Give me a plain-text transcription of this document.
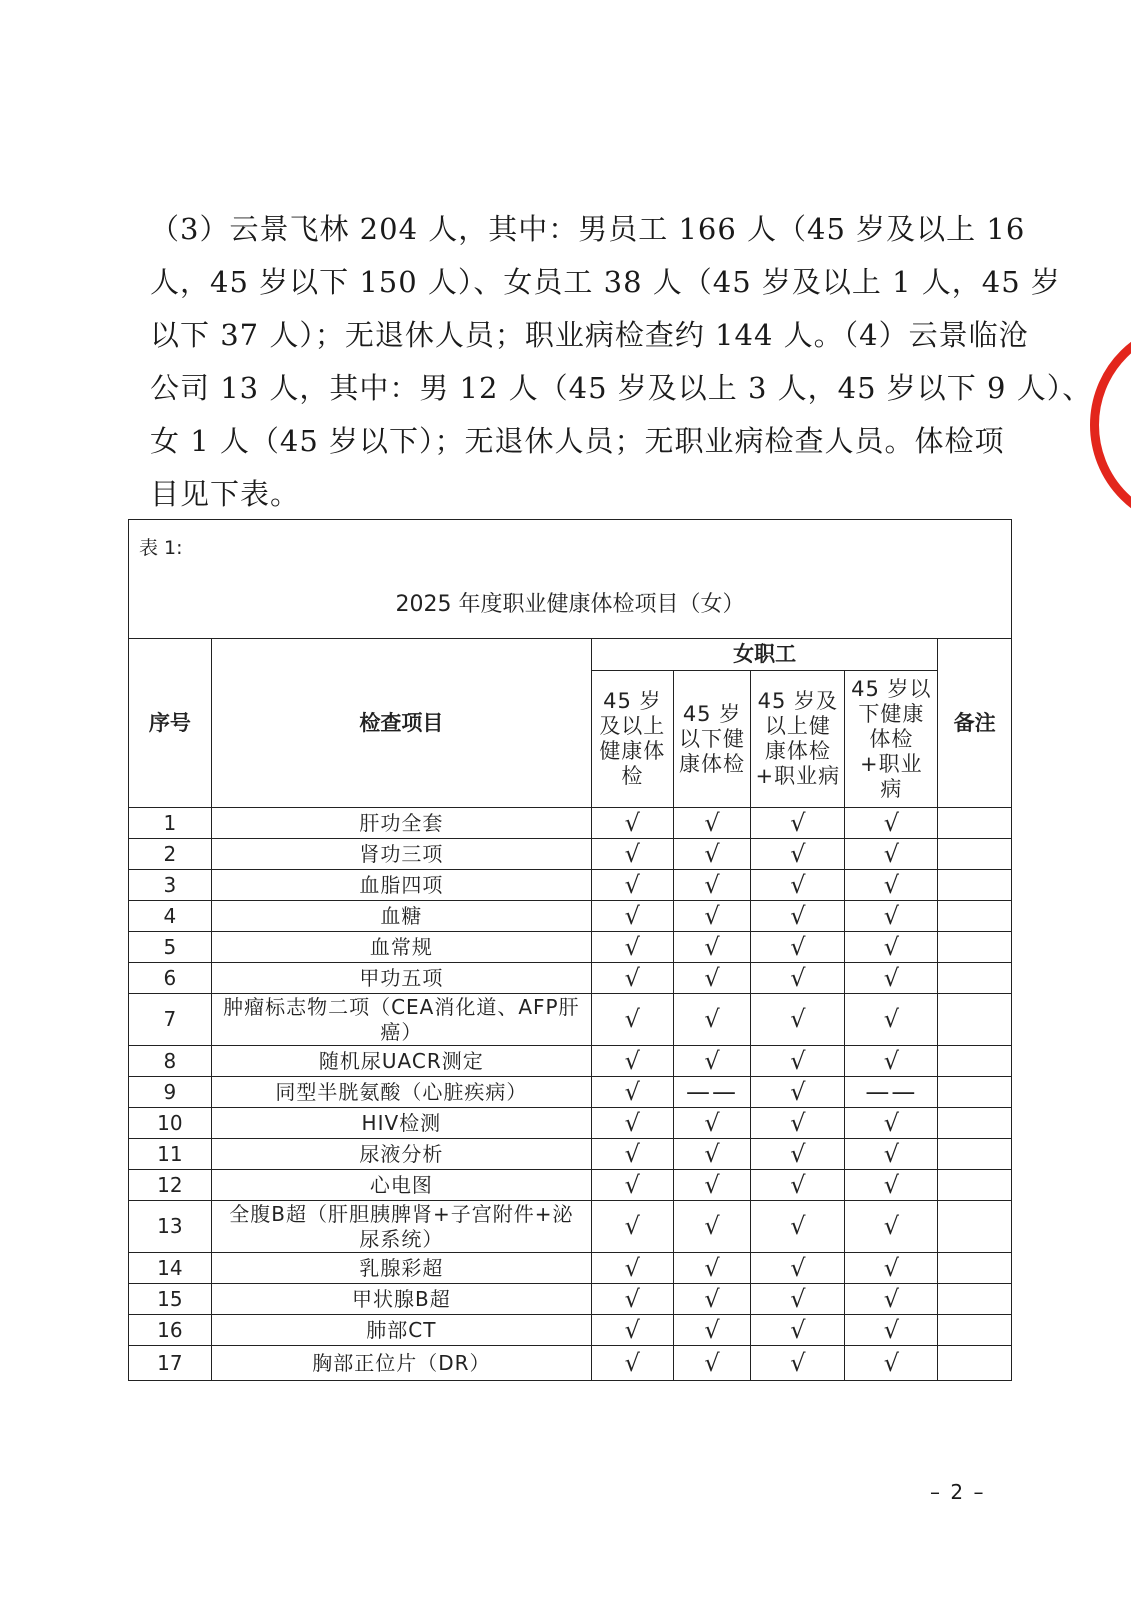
（3）云景飞林 204 人，其中：男员工 166 人（45 岁及以上 16
人，45 岁以下 150 人）、女员工 38 人（45 岁及以上 1 人，45 岁
以下 37 人）；无退休人员；职业病检查约 144 人。（4）云景临沧
公司 13 人，其中：男 12 人（45 岁及以上 3 人，45 岁以下 9 人）、
女 1 人（45 岁以下）；无退休人员；无职业病检查人员。体检项
目见下表。
表 1:
2025 年度职业健康体检项目（女）						

序号	检查项目	女职工				备注
		45 岁及以上健康体检	45 岁以下健康体检	45 岁及以上健康体检+职业病	45 岁以下健康体检+职业病	
1	肝功全套	√	√	√	√	
2	肾功三项	√	√	√	√	
3	血脂四项	√	√	√	√	
4	血糖	√	√	√	√	
5	血常规	√	√	√	√	
6	甲功五项	√	√	√	√	
7	肿瘤标志物二项（CEA消化道、AFP肝癌）	√	√	√	√	
8	随机尿UACR测定	√	√	√	√	
9	同型半胱氨酸（心脏疾病）	√	——	√	——	
10	HIV检测	√	√	√	√	
11	尿液分析	√	√	√	√	
12	心电图	√	√	√	√	
13	全腹B超（肝胆胰脾肾+子宫附件+泌尿系统）	√	√	√	√	
14	乳腺彩超	√	√	√	√	
15	甲状腺B超	√	√	√	√	
16	肺部CT	√	√	√	√	
17	胸部正位片（DR）	√	√	√	√	
– 2 –
